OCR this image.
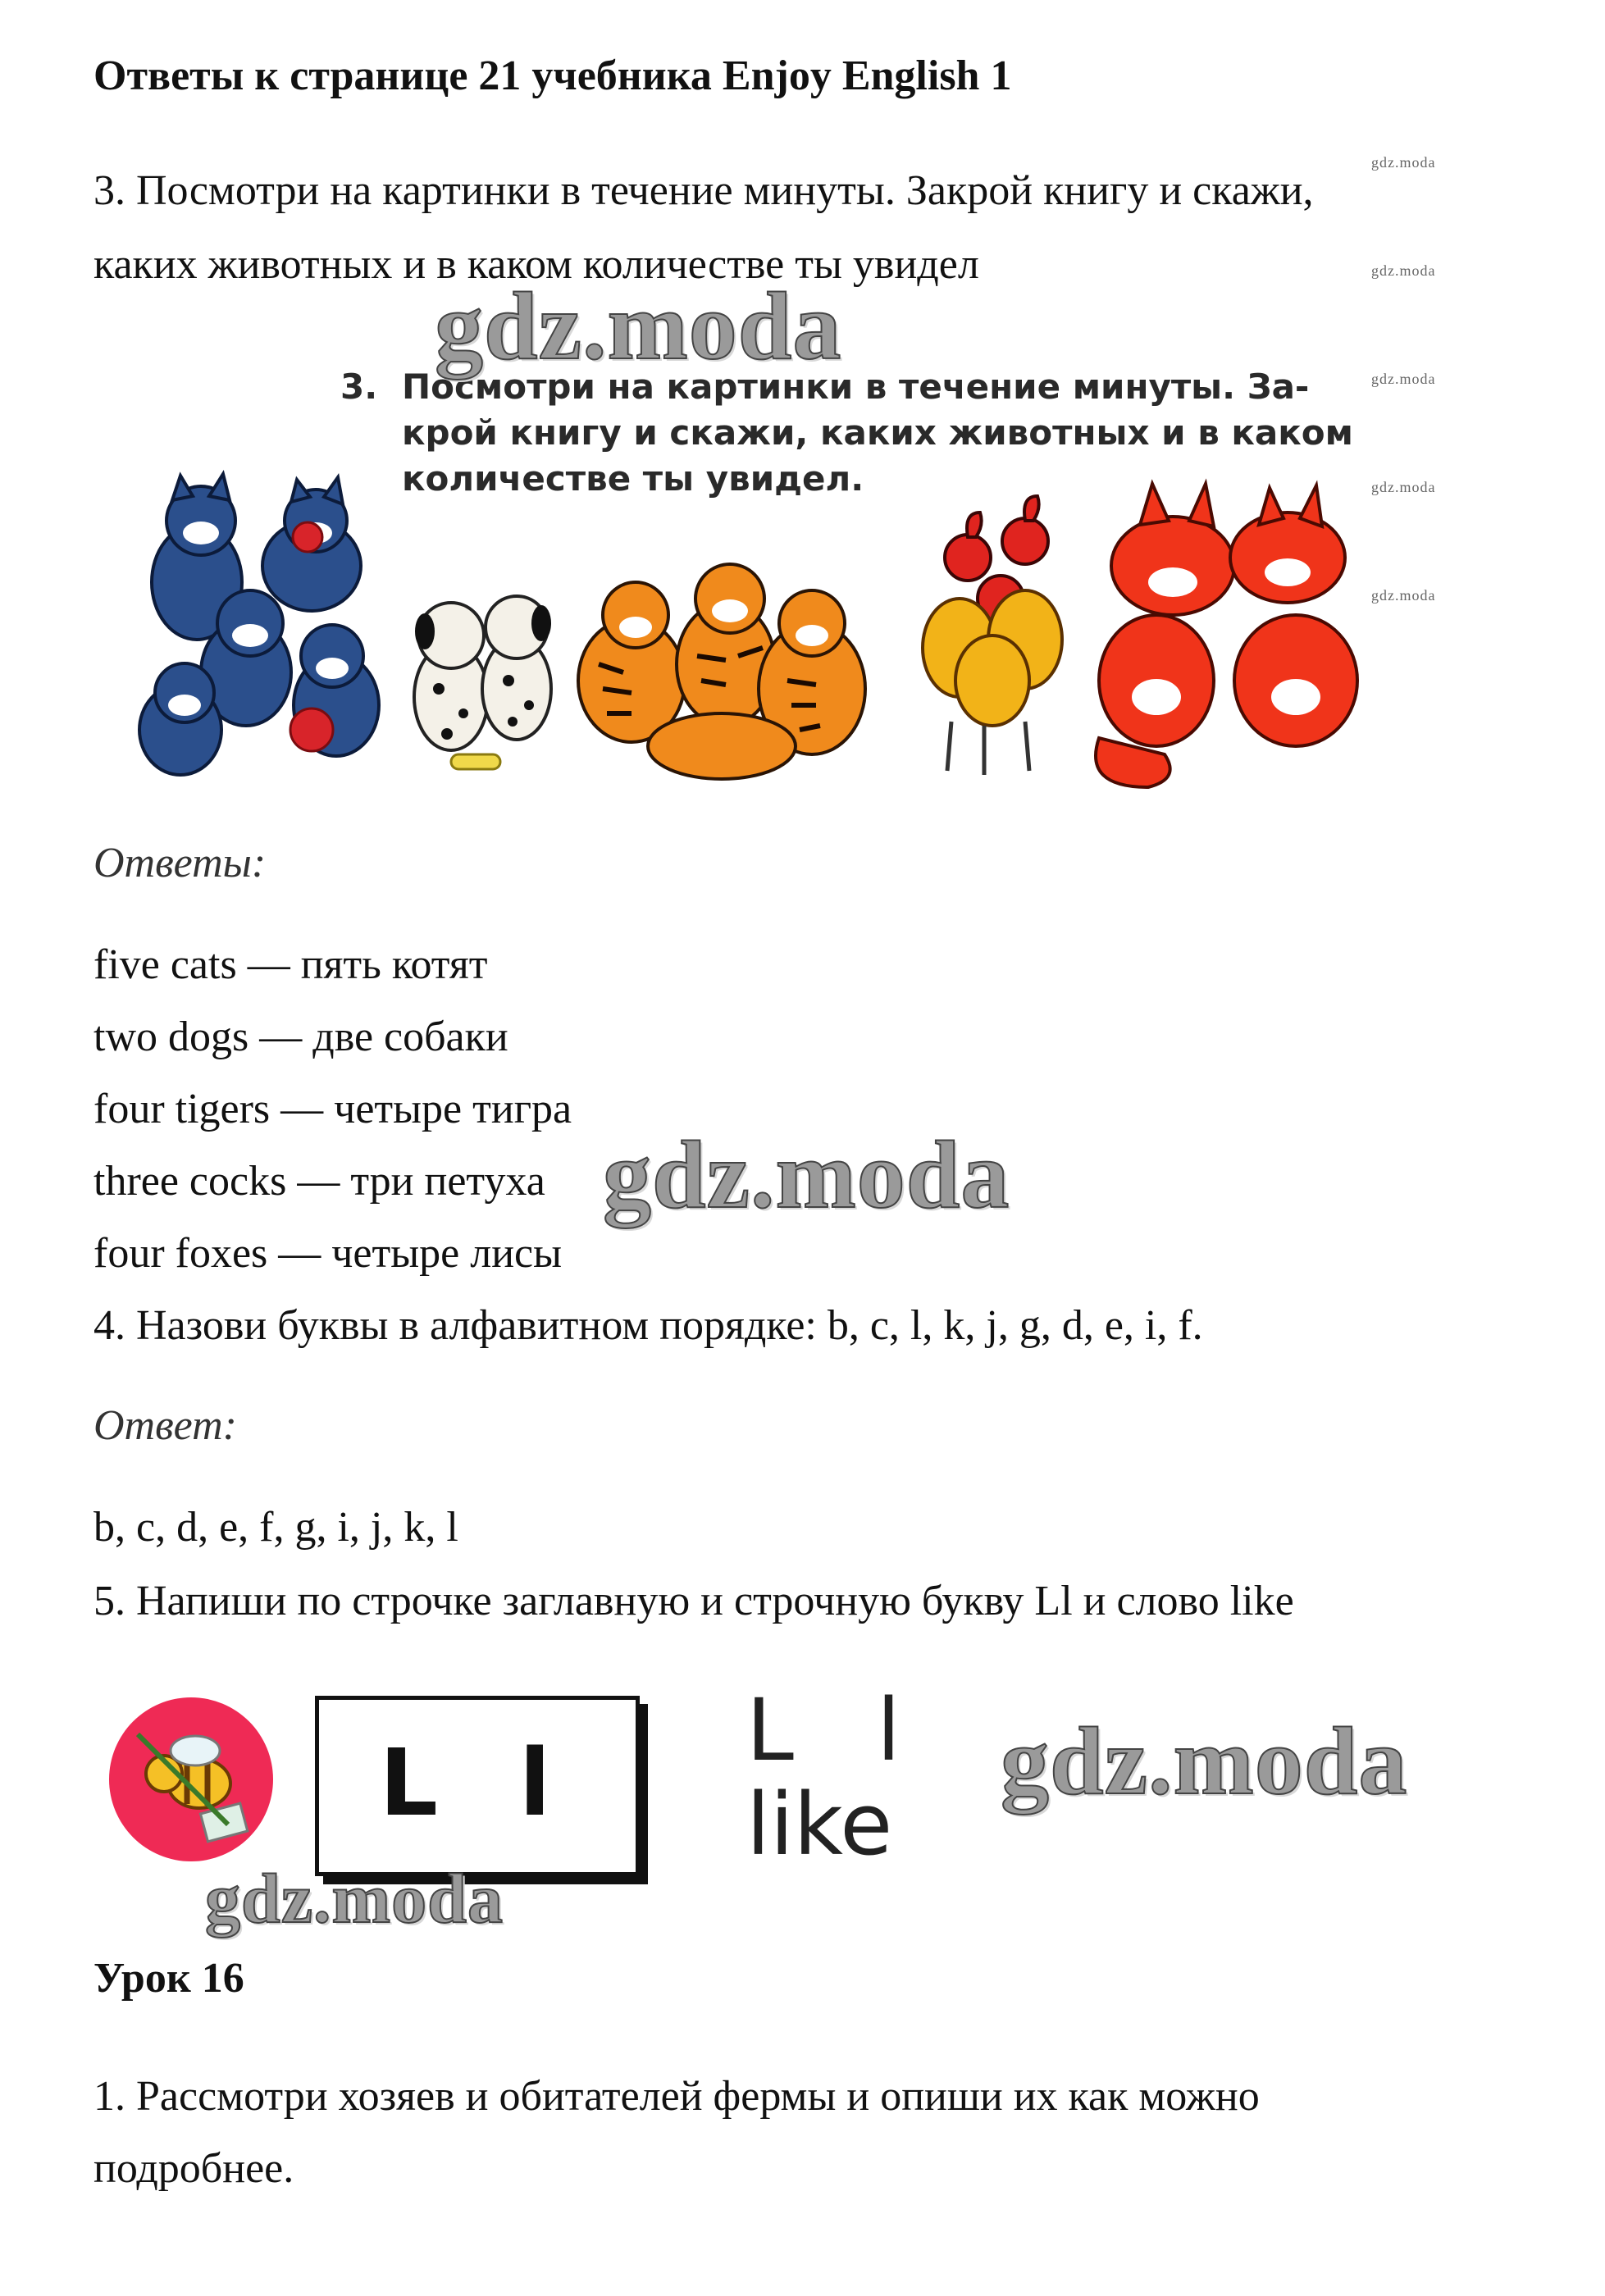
Ответы к странице 21 учебника Enjoy English 1
3. Посмотри на картинки в течение минуты. Закрой книгу и скажи,
каких животных и в каком количестве ты увидел
gdz.moda
gdz.moda
gdz.moda
gdz.moda
gdz.moda
3. Посмотри на картинки в течение минуты. За-
крой книгу и скажи, каких животных и в каком
количестве ты увидел.
gdz.moda
Ответы:
five cats — пять котят
two dogs — две собаки
four tigers — четыре тигра
three cocks — три петуха
four foxes — четыре лисы
gdz.moda
4. Назови буквы в алфавитном порядке: b, c, l, k, j, g, d, e, i, f.
Ответ:
b, c, d, e, f, g, i, j, k, l
5. Напиши по строчке заглавную и строчную букву Ll и слово like
L l	L l
like
gdz.moda
gdz.moda
Урок 16
1. Рассмотри хозяев и обитателей фермы и опиши их как можно
подробнее.
